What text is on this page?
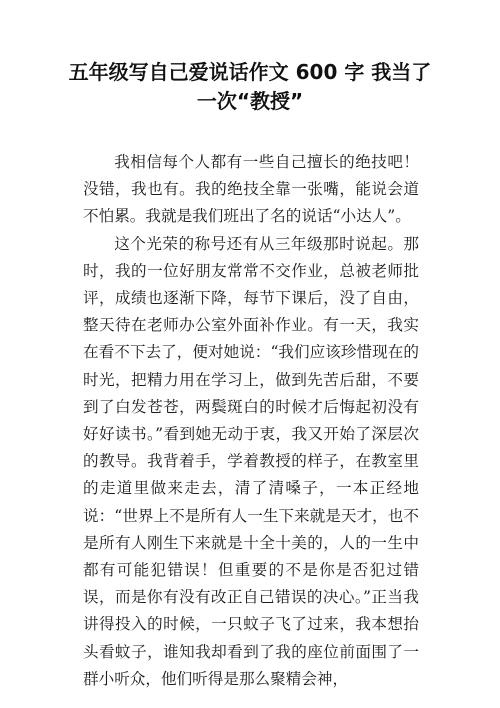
五年级写自己爱说话作文 600 字 我当了一次“教授”

我相信每个人都有一些自己擅长的绝技吧！没错，我也有。我的绝技全靠一张嘴，能说会道不怕累。我就是我们班出了名的说话“小达人”。

这个光荣的称号还有从三年级那时说起。那时，我的一位好朋友常常不交作业，总被老师批评，成绩也逐渐下降，每节下课后，没了自由，整天待在老师办公室外面补作业。有一天，我实在看不下去了，便对她说：“我们应该珍惜现在的时光，把精力用在学习上，做到先苦后甜，不要到了白发苍苍，两鬓斑白的时候才后悔起初没有好好读书。”看到她无动于衷，我又开始了深层次的教导。我背着手，学着教授的样子，在教室里的走道里做来走去，清了清嗓子，一本正经地说：“世界上不是所有人一生下来就是天才，也不是所有人刚生下来就是十全十美的，人的一生中都有可能犯错误！但重要的不是你是否犯过错误，而是你有没有改正自己错误的决心。”正当我讲得投入的时候，一只蚊子飞了过来，我本想抬头看蚊子，谁知我却看到了我的座位前面围了一群小听众，他们听得是那么聚精会神，
